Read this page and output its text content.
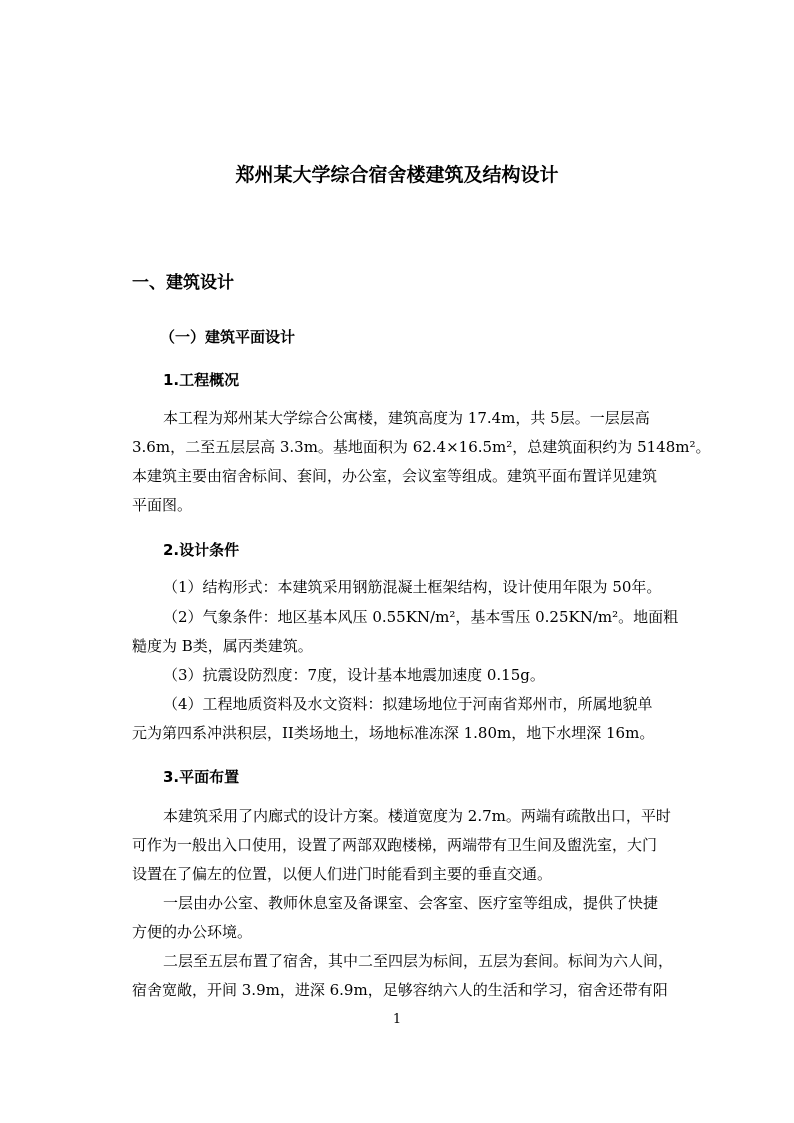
郑州某大学综合宿舍楼建筑及结构设计
一、建筑设计
（一）建筑平面设计
1.工程概况
本工程为郑州某大学综合公寓楼，建筑高度为 17.4m，共 5层。一层层高
3.6m，二至五层层高 3.3m。基地面积为 62.4×16.5m²，总建筑面积约为 5148m²。
本建筑主要由宿舍标间、套间，办公室，会议室等组成。建筑平面布置详见建筑
平面图。
2.设计条件
（1）结构形式：本建筑采用钢筋混凝土框架结构，设计使用年限为 50年。
（2）气象条件：地区基本风压 0.55KN/m²，基本雪压 0.25KN/m²。地面粗
糙度为 B类，属丙类建筑。
（3）抗震设防烈度：7度，设计基本地震加速度 0.15g。
（4）工程地质资料及水文资料：拟建场地位于河南省郑州市，所属地貌单
元为第四系冲洪积层，II类场地土，场地标准冻深 1.80m，地下水埋深 16m。
3.平面布置
本建筑采用了内廊式的设计方案。楼道宽度为 2.7m。两端有疏散出口，平时
可作为一般出入口使用，设置了两部双跑楼梯，两端带有卫生间及盥洗室，大门
设置在了偏左的位置，以便人们进门时能看到主要的垂直交通。
一层由办公室、教师休息室及备课室、会客室、医疗室等组成，提供了快捷
方便的办公环境。
二层至五层布置了宿舍，其中二至四层为标间，五层为套间。标间为六人间，
宿舍宽敞，开间 3.9m，进深 6.9m，足够容纳六人的生活和学习，宿舍还带有阳
1
